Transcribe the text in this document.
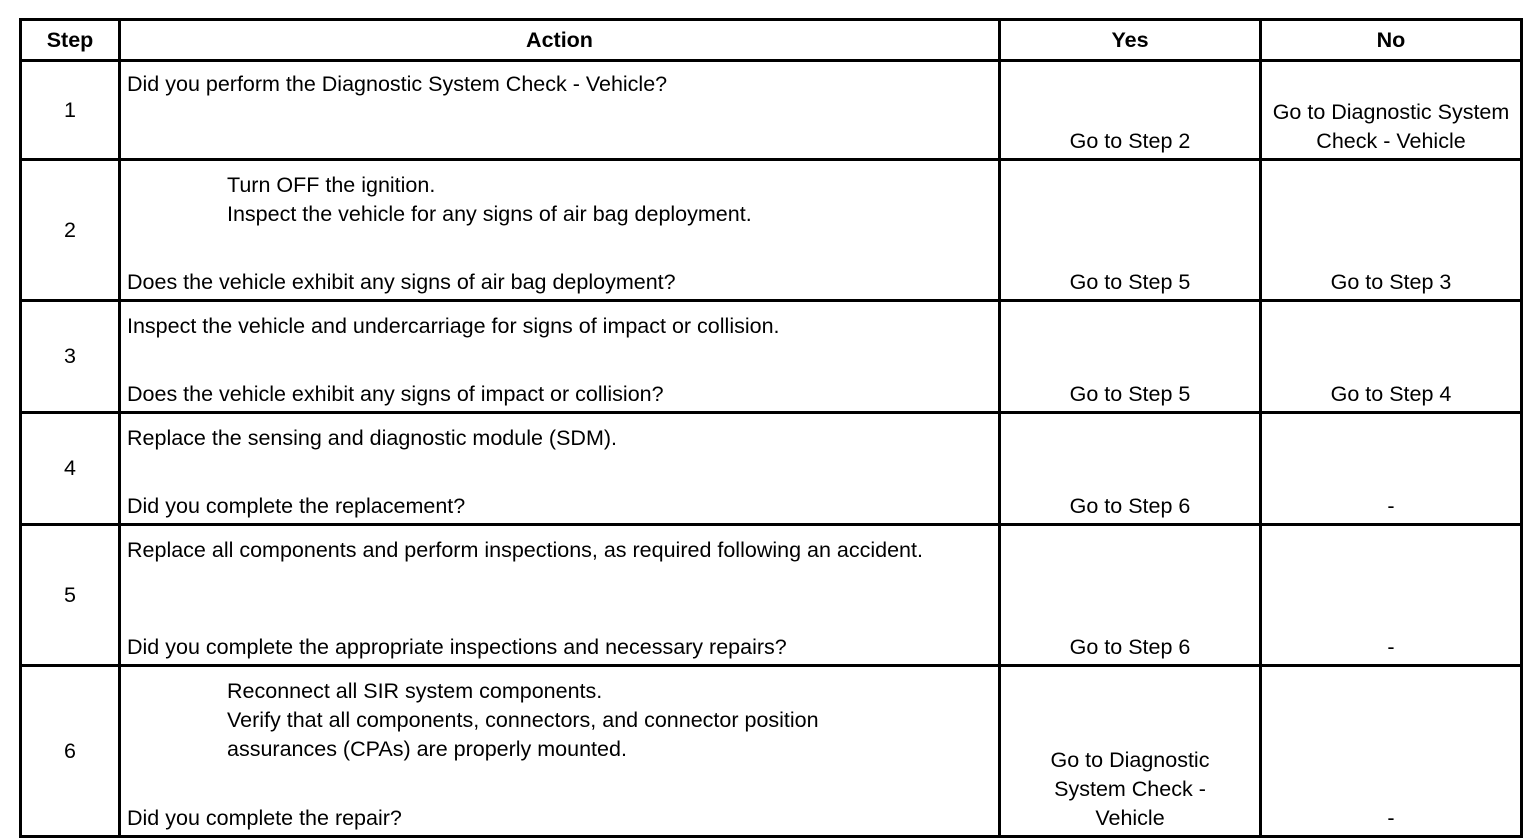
Step	Action	Yes	No
1	Did you perform the Diagnostic System Check - Vehicle?	Go to Step 2	Go to Diagnostic System Check - Vehicle
2	Turn OFF the ignition.
Inspect the vehicle for any signs of air bag deployment.
Does the vehicle exhibit any signs of air bag deployment?	Go to Step 5	Go to Step 3
3	Inspect the vehicle and undercarriage for signs of impact or collision.
Does the vehicle exhibit any signs of impact or collision?	Go to Step 5	Go to Step 4
4	Replace the sensing and diagnostic module (SDM).
Did you complete the replacement?	Go to Step 6	-
5	Replace all components and perform inspections, as required following an accident.
Did you complete the appropriate inspections and necessary repairs?	Go to Step 6	-
6	Reconnect all SIR system components.
Verify that all components, connectors, and connector position assurances (CPAs) are properly mounted.
Did you complete the repair?	Go to Diagnostic System Check - Vehicle	-
